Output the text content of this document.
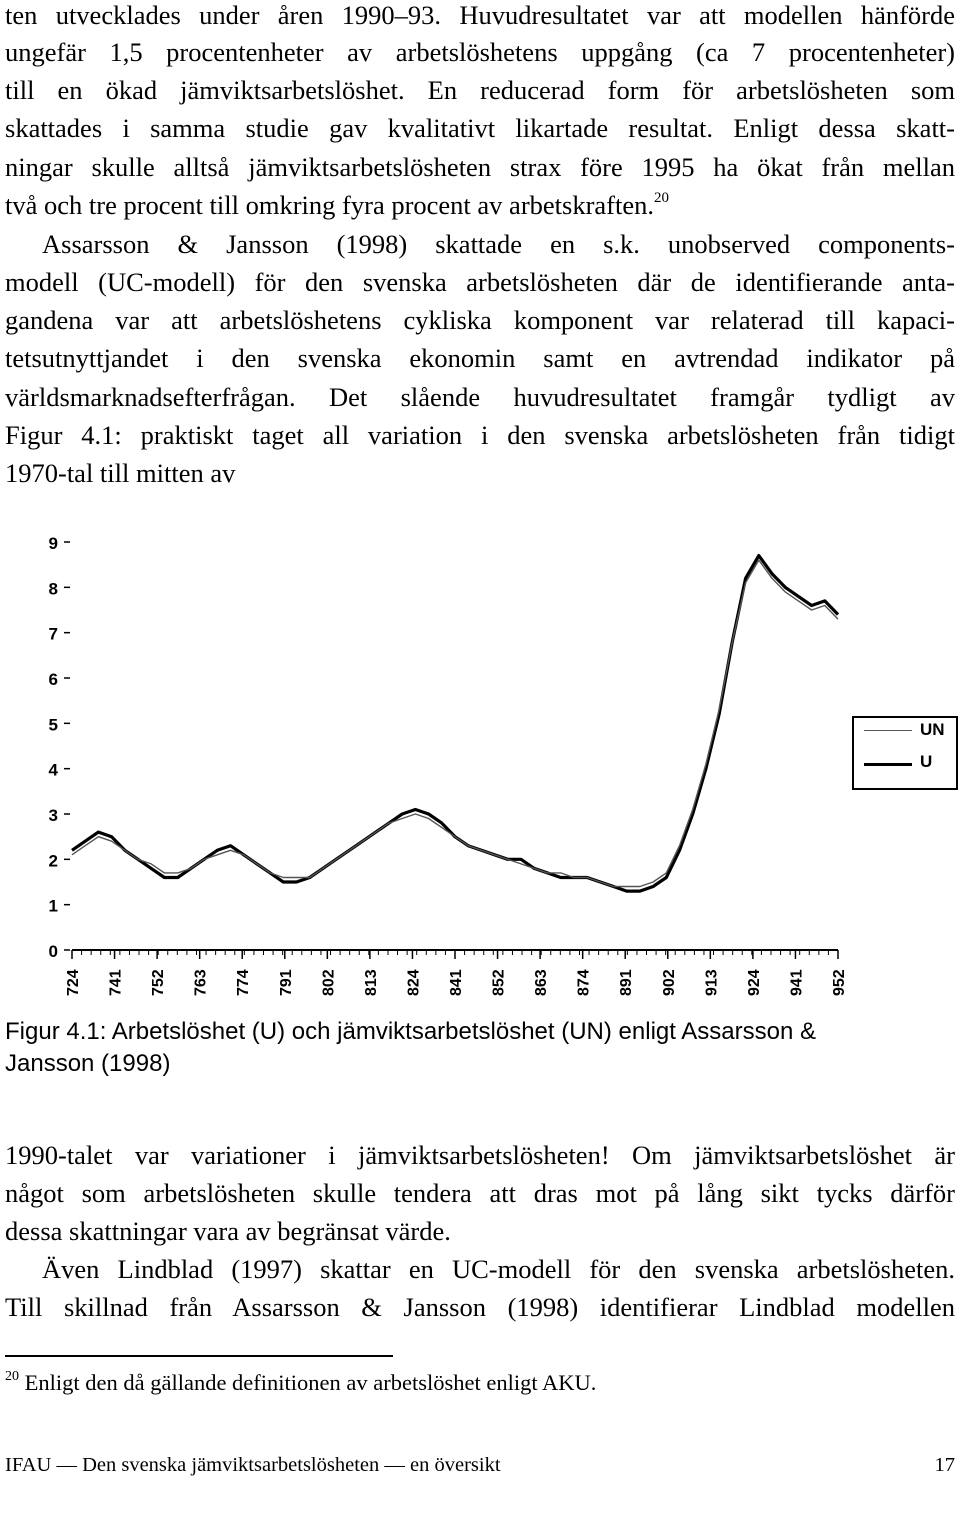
ten utvecklades under åren 1990–93. Huvudresultatet var att modellen hänförde
ungefär 1,5 procentenheter av arbetslöshetens uppgång (ca 7 procentenheter)
till en ökad jämviktsarbetslöshet. En reducerad form för arbetslösheten som
skattades i samma studie gav kvalitativt likartade resultat. Enligt dessa skatt-
ningar skulle alltså jämviktsarbetslösheten strax före 1995 ha ökat från mellan
två och tre procent till omkring fyra procent av arbetskraften.$^{20}$
Assarsson & Jansson (1998) skattade en s.k. unobserved components-
modell (UC-modell) för den svenska arbetslösheten där de identifierande anta-
gandena var att arbetslöshetens cykliska komponent var relaterad till kapaci-
tetsutnyttjandet i den svenska ekonomin samt en avtrendad indikator på
världsmarknadsefterfrågan. Det slående huvudresultatet framgår tydligt av
Figur 4.1: praktiskt taget all variation i den svenska arbetslösheten från tidigt
1970-tal till mitten av
0
1
2
3
4
5
6
7
8
9
724 741 752 763 774 791 802 813 824 841 852 863 874 891 902 913 924 941 952
Figur 4.1: Arbetslöshet (U) och jämviktsarbetslöshet (UN) enligt Assarsson &
Jansson (1998)
1990-talet var variationer i jämviktsarbetslösheten! Om jämviktsarbetslöshet är
något som arbetslösheten skulle tendera att dras mot på lång sikt tycks därför
dessa skattningar vara av begränsat värde.
Även Lindblad (1997) skattar en UC-modell för den svenska arbetslösheten.
Till skillnad från Assarsson & Jansson (1998) identifierar Lindblad modellen
$^{20}$ Enligt den då gällande definitionen av arbetslöshet enligt AKU.
IFAU — Den svenska jämviktsarbetslösheten — en översikt	17
UN
U
